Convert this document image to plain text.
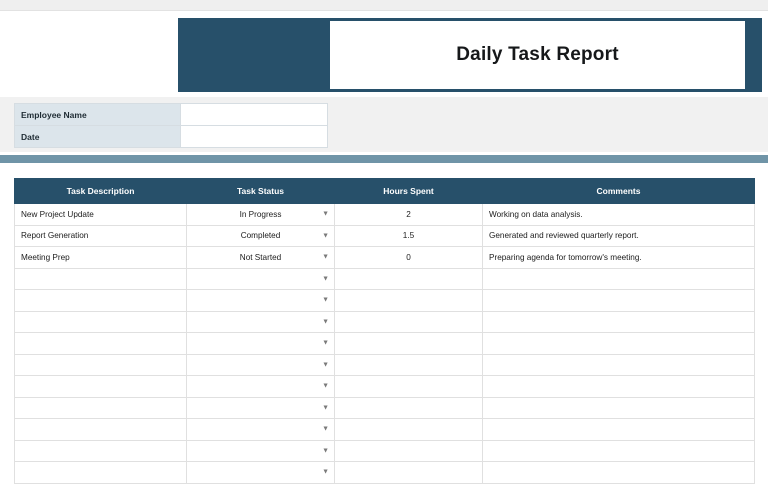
Daily Task Report
Employee Name	
Date	
Task Description	Task Status	Hours Spent	Comments
New Project Update	In Progress ▼	2	Working on data analysis.
Report Generation	Completed ▼	1.5	Generated and reviewed quarterly report.
Meeting Prep	Not Started ▼	0	Preparing agenda for tomorrow's meeting.

	▼		

	▼		

	▼		

	▼		

	▼		

	▼		

	▼		

	▼		

	▼		

	▼		
